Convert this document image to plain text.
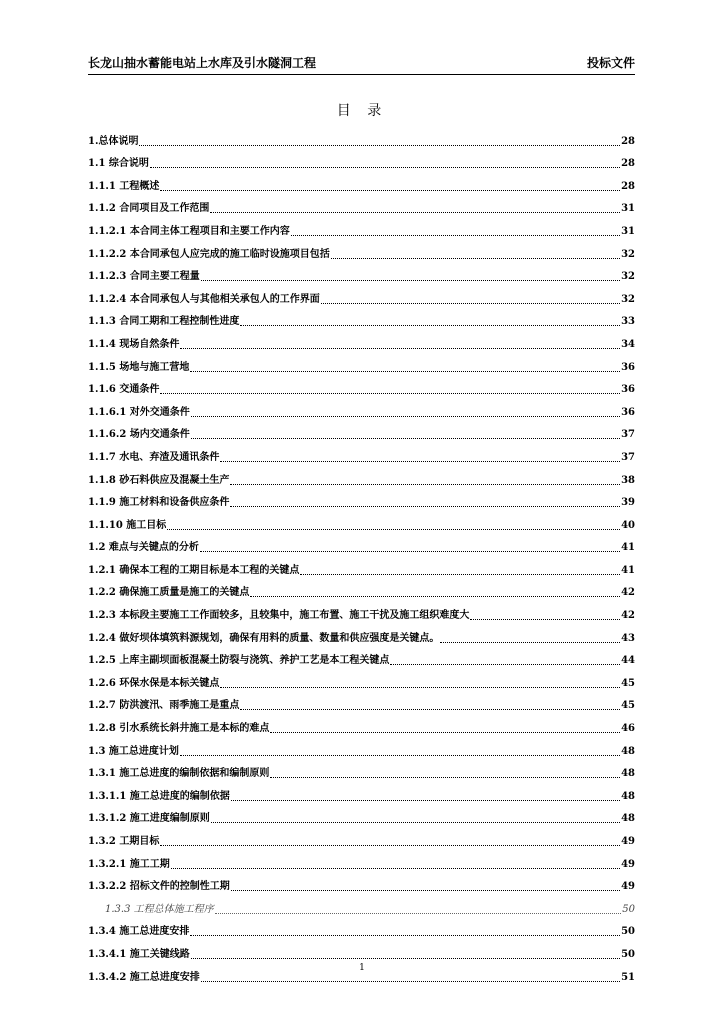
长龙山抽水蓄能电站上水库及引水隧洞工程	投标文件
目 录
1.总体说明	28
1.1 综合说明	28
1.1.1 工程概述	28
1.1.2 合同项目及工作范围	31
1.1.2.1 本合同主体工程项目和主要工作内容	31
1.1.2.2 本合同承包人应完成的施工临时设施项目包括	32
1.1.2.3 合同主要工程量	32
1.1.2.4 本合同承包人与其他相关承包人的工作界面	32
1.1.3 合同工期和工程控制性进度	33
1.1.4 现场自然条件	34
1.1.5 场地与施工营地	36
1.1.6 交通条件	36
1.1.6.1 对外交通条件	36
1.1.6.2 场内交通条件	37
1.1.7 水电、弃渣及通讯条件	37
1.1.8 砂石料供应及混凝土生产	38
1.1.9 施工材料和设备供应条件	39
1.1.10 施工目标	40
1.2 难点与关键点的分析	41
1.2.1 确保本工程的工期目标是本工程的关键点	41
1.2.2 确保施工质量是施工的关键点	42
1.2.3 本标段主要施工工作面较多，且较集中，施工布置、施工干扰及施工组织难度大	42
1.2.4 做好坝体填筑料源规划，确保有用料的质量、数量和供应强度是关键点。	43
1.2.5 上库主副坝面板混凝土防裂与浇筑、养护工艺是本工程关键点	44
1.2.6 环保水保是本标关键点	45
1.2.7 防洪渡汛、雨季施工是重点	45
1.2.8 引水系统长斜井施工是本标的难点	46
1.3 施工总进度计划	48
1.3.1 施工总进度的编制依据和编制原则	48
1.3.1.1 施工总进度的编制依据	48
1.3.1.2 施工进度编制原则	48
1.3.2 工期目标	49
1.3.2.1 施工工期	49
1.3.2.2 招标文件的控制性工期	49
1.3.3 工程总体施工程序	50
1.3.4 施工总进度安排	50
1.3.4.1 施工关键线路	50
1.3.4.2 施工总进度安排	51
1
